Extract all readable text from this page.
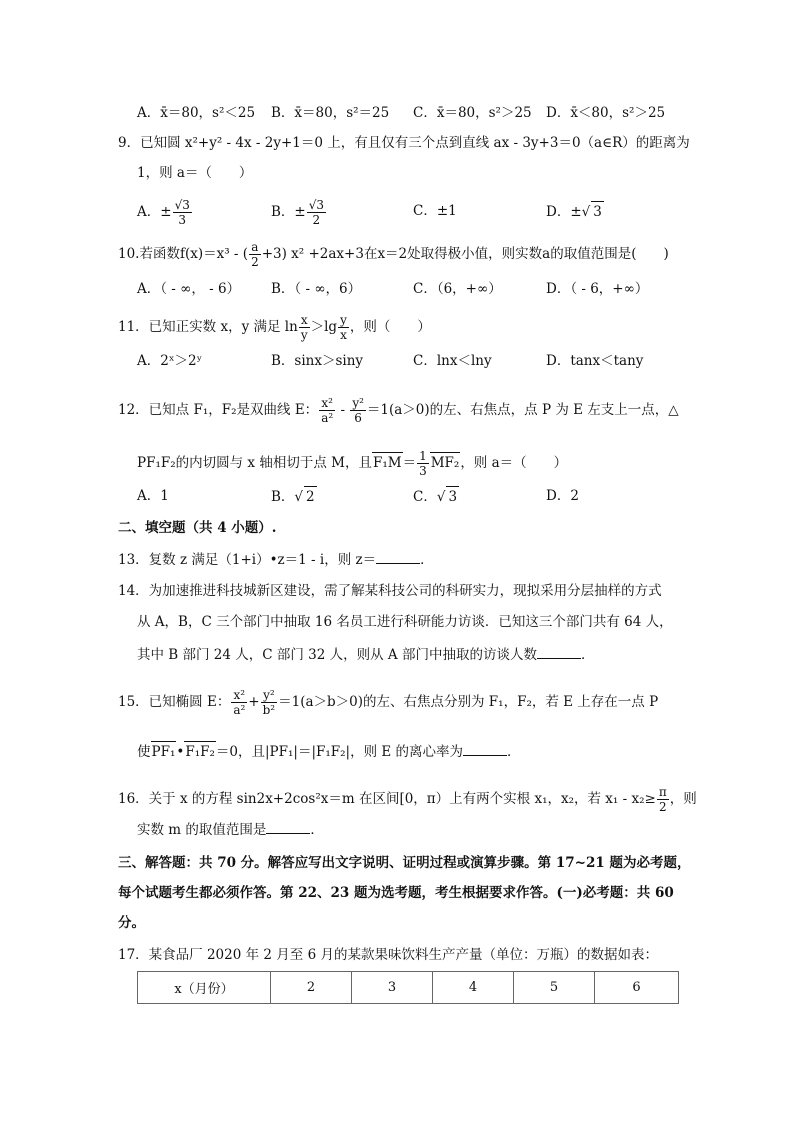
A．x̄＝80，s²＜25 B．x̄＝80，s²＝25 C．x̄＝80，s²＞25 D．x̄＜80，s²＞25
9．已知圆 x²+y² - 4x - 2y+1＝0 上，有且仅有三个点到直线 ax - 3y+3＝0（a∈R）的距离为
1，则 a＝（　　）
A．± $\frac{√3}{3}$	B．± $\frac{√3}{2}$	C．±1	D．±√ 3
10.若函数f(x)＝x³ - ( $\frac{a}{2} +3$) x² +2ax+3在x＝2处取得极小值，则实数a的取值范围是(　　)
A．（ - ∞， - 6） B．（ - ∞，6）	C．（6，+∞）	D．（ - 6，+∞）
11．已知正实数 x，y 满足 $\ln \frac{x}{y} >\lg \frac{y}{x}$ ，则（　　）
A．2ˣ＞2ʸ	B．sinx＞siny	C．lnx＜lny	D．tanx＜tany
12．已知点 F₁，F₂是双曲线 E： $\frac{\text{x²}}{\text{a²}} - \frac{\text{y²}}{6} =1(a>0)$的左、右焦点，点 P 为 E 左支上一点，△
PF₁F₂的内切圆与 x 轴相切于点 M，且$F_1M= \frac{1}{3} MF_2$，则 a＝（　　）
A．1	B．√ 2	C．√ 3	D．2
二、填空题（共 4 小题）.
13．复数 z 满足（1+i）•z＝1 - i，则 z＝	．
14．为加速推进科技城新区建设，需了解某科技公司的科研实力，现拟采用分层抽样的方式
从 A，B，C 三个部门中抽取 16 名员工进行科研能力访谈．已知这三个部门共有 64 人，
其中 B 部门 24 人，C 部门 32 人，则从 A 部门中抽取的访谈人数	．
15．已知椭圆 E： $\frac{\text{x²}}{\text{a²}} + \frac{\text{y²}}{\text{b²}} =1(a>b>0)$的左、右焦点分别为 F₁，F₂，若 E 上存在一点 P
使PF₁•F₁F₂＝0，且|PF₁|＝|F₁F₂|，则 E 的离心率为	．
16．关于 x 的方程 sin2x+2cos²x＝m 在区间[0，π）上有两个实根 x₁，x₂，若 $x_1 - x_2\ge \frac{\pi}{2}$ ，则
实数 m 的取值范围是	．
三、解答题：共 70 分。解答应写出文字说明、证明过程或演算步骤。第 17~21 题为必考题，
每个试题考生都必须作答。第 22、23 题为选考题，考生根据要求作答。(一)必考题：共 60
分。
17．某食品厂 2020 年 2 月至 6 月的某款果味饮料生产产量（单位：万瓶）的数据如表：
x（月份）	2	3	4	5	6
